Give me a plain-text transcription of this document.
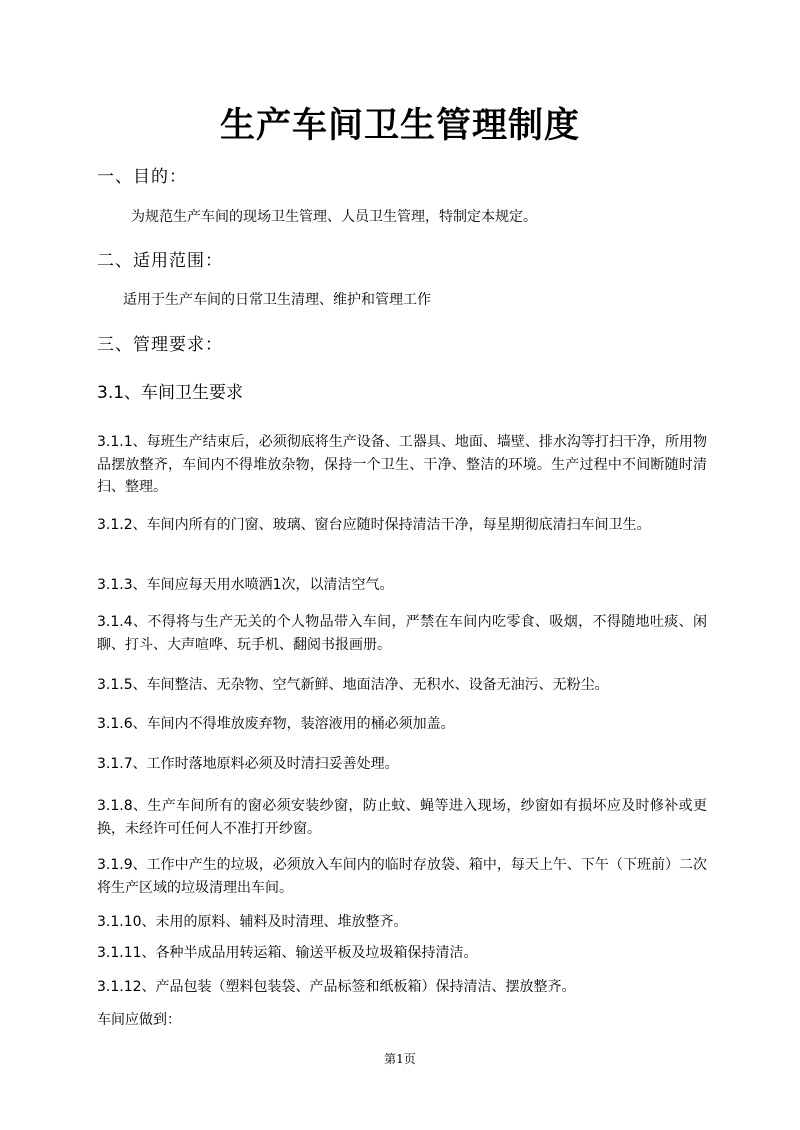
生产车间卫生管理制度
一、目的：
为规范生产车间的现场卫生管理、人员卫生管理，特制定本规定。
二、适用范围：
适用于生产车间的日常卫生清理、维护和管理工作
三、管理要求：
3.1、车间卫生要求
3.1.1、每班生产结束后，必须彻底将生产设备、工器具、地面、墙壁、排水沟等打扫干净，所用物品摆放整齐，车间内不得堆放杂物，保持一个卫生、干净、整洁的环境。生产过程中不间断随时清扫、整理。
3.1.2、车间内所有的门窗、玻璃、窗台应随时保持清洁干净，每星期彻底清扫车间卫生。
3.1.3、车间应每天用水喷洒1次，以清洁空气。
3.1.4、不得将与生产无关的个人物品带入车间，严禁在车间内吃零食、吸烟，不得随地吐痰、闲聊、打斗、大声喧哗、玩手机、翻阅书报画册。
3.1.5、车间整洁、无杂物、空气新鲜、地面洁净、无积水、设备无油污、无粉尘。
3.1.6、车间内不得堆放废弃物，装溶液用的桶必须加盖。
3.1.7、工作时落地原料必须及时清扫妥善处理。
3.1.8、生产车间所有的窗必须安装纱窗，防止蚊、蝇等进入现场，纱窗如有损坏应及时修补或更换，未经许可任何人不准打开纱窗。
3.1.9、工作中产生的垃圾，必须放入车间内的临时存放袋、箱中，每天上午、下午（下班前）二次将生产区域的垃圾清理出车间。
3.1.10、未用的原料、辅料及时清理、堆放整齐。
3.1.11、各种半成品用转运箱、输送平板及垃圾箱保持清洁。
3.1.12、产品包装（塑料包装袋、产品标签和纸板箱）保持清洁、摆放整齐。
车间应做到：
第1页
